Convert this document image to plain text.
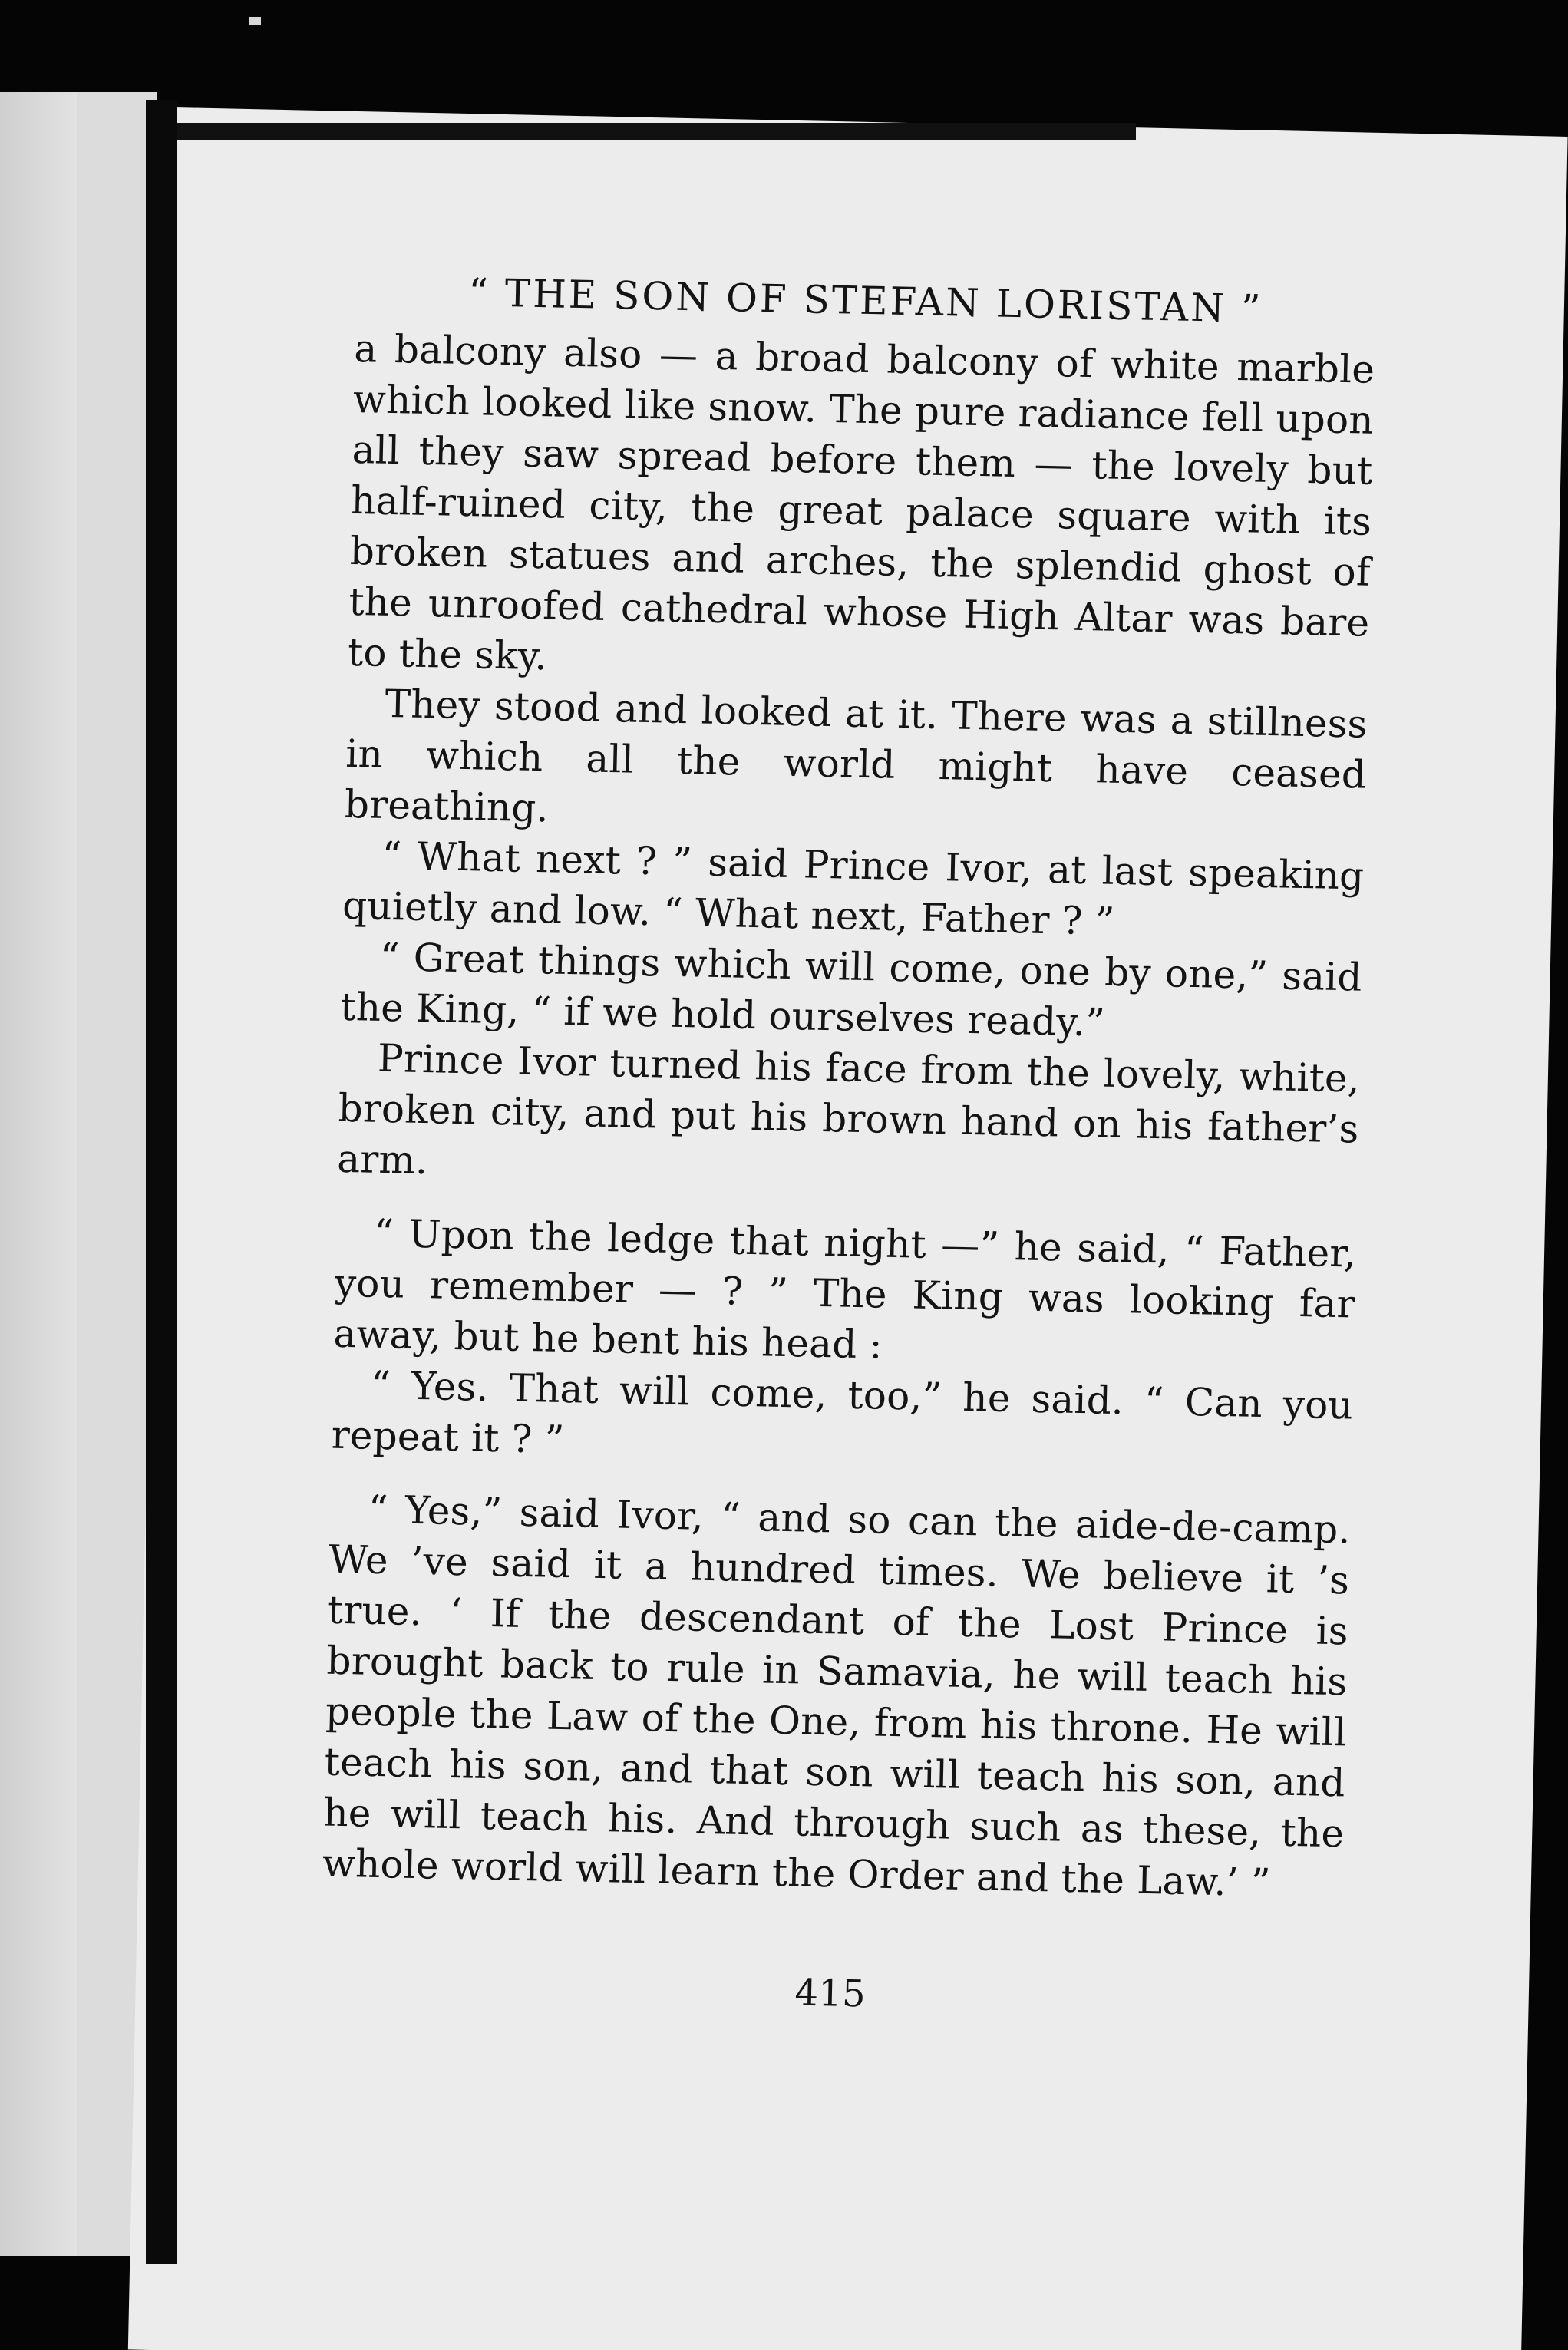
“ THE SON OF STEFAN LORISTAN ”

a balcony also — a broad balcony of white marble which looked like snow. The pure radiance fell upon all they saw spread before them — the lovely but half-ruined city, the great palace square with its broken statues and arches, the splendid ghost of the unroofed cathedral whose High Altar was bare to the sky.

They stood and looked at it. There was a stillness in which all the world might have ceased breathing.

“ What next ? ” said Prince Ivor, at last speaking quietly and low. “ What next, Father ? ”

“ Great things which will come, one by one,” said the King, “ if we hold ourselves ready.”

Prince Ivor turned his face from the lovely, white, broken city, and put his brown hand on his father’s arm.

“ Upon the ledge that night —” he said, “ Father, you remember — ? ” The King was looking far away, but he bent his head :

“ Yes. That will come, too,” he said. “ Can you repeat it ? ”

“ Yes,” said Ivor, “ and so can the aide-de-camp. We ’ve said it a hundred times. We believe it ’s true. ‘ If the descendant of the Lost Prince is brought back to rule in Samavia, he will teach his people the Law of the One, from his throne. He will teach his son, and that son will teach his son, and he will teach his. And through such as these, the whole world will learn the Order and the Law.’ ”

415
